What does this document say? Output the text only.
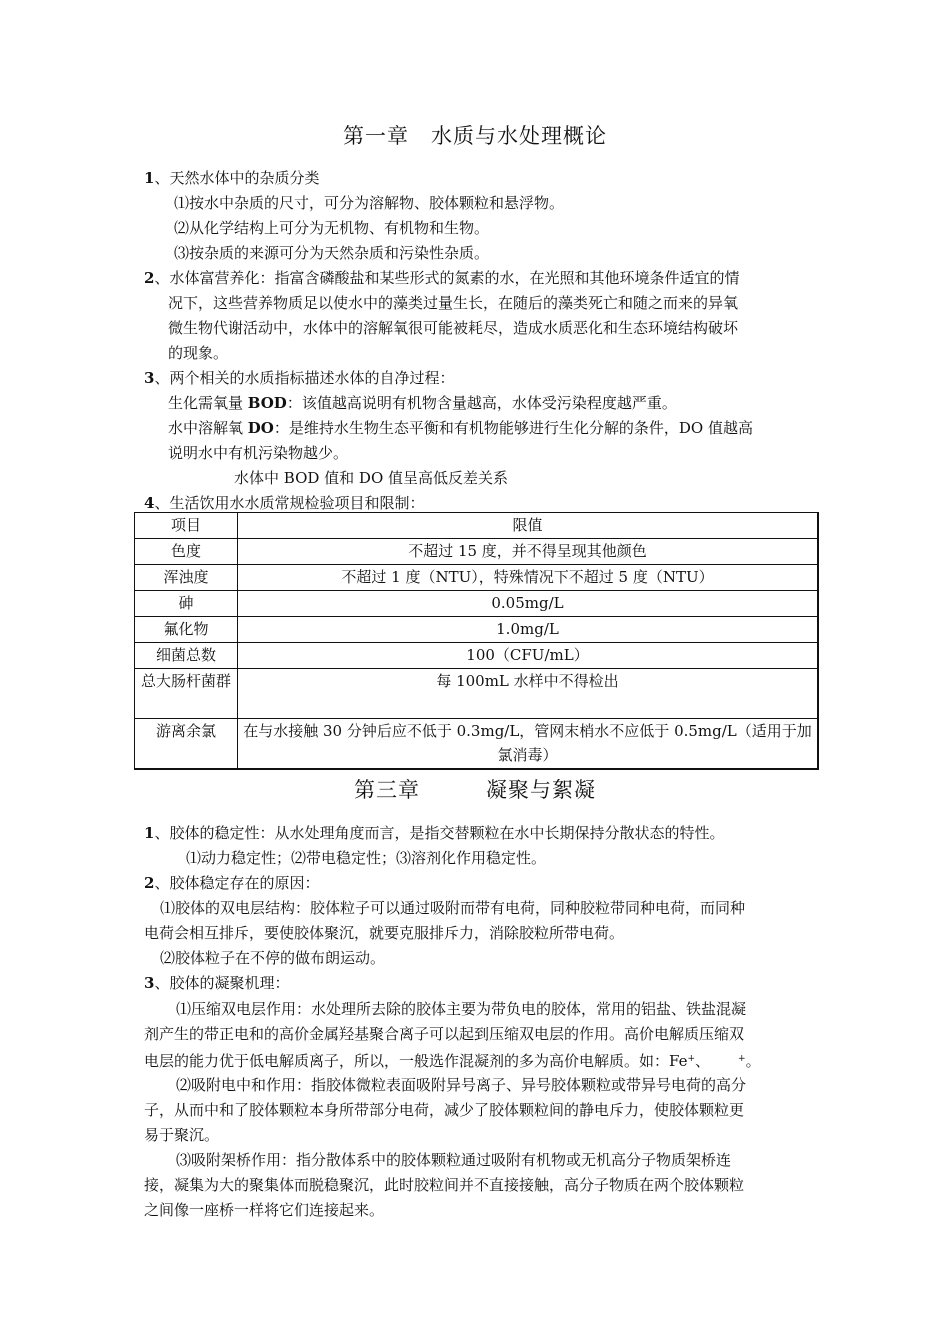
第一章　水质与水处理概论
1、天然水体中的杂质分类
⑴按水中杂质的尺寸，可分为溶解物、胶体颗粒和悬浮物。
⑵从化学结构上可分为无机物、有机物和生物。
⑶按杂质的来源可分为天然杂质和污染性杂质。
2、水体富营养化：指富含磷酸盐和某些形式的氮素的水，在光照和其他环境条件适宜的情
况下，这些营养物质足以使水中的藻类过量生长，在随后的藻类死亡和随之而来的异氧
微生物代谢活动中，水体中的溶解氧很可能被耗尽，造成水质恶化和生态环境结构破坏
的现象。
3、两个相关的水质指标描述水体的自净过程：
生化需氧量 BOD：该值越高说明有机物含量越高，水体受污染程度越严重。
水中溶解氧 DO：是维持水生物生态平衡和有机物能够进行生化分解的条件，DO 值越高
说明水中有机污染物越少。
水体中 BOD 值和 DO 值呈高低反差关系
4、生活饮用水水质常规检验项目和限制：
项目	限值
色度	不超过 15 度，并不得呈现其他颜色
浑浊度	不超过 1 度（NTU），特殊情况下不超过 5 度（NTU）
砷	0.05mg/L
氟化物	1.0mg/L
细菌总数	100（CFU/mL）
总大肠杆菌群	每 100mL 水样中不得检出
游离余氯	在与水接触 30 分钟后应不低于 0.3mg/L，管网末梢水不应低于 0.5mg/L（适用于加氯消毒）
第三章　　　凝聚与絮凝
1、胶体的稳定性：从水处理角度而言，是指交替颗粒在水中长期保持分散状态的特性。
⑴动力稳定性；⑵带电稳定性；⑶溶剂化作用稳定性。
2、胶体稳定存在的原因：
⑴胶体的双电层结构：胶体粒子可以通过吸附而带有电荷，同种胶粒带同种电荷，而同种
电荷会相互排斥，要使胶体聚沉，就要克服排斥力，消除胶粒所带电荷。
⑵胶体粒子在不停的做布朗运动。
3、胶体的凝聚机理：
⑴压缩双电层作用：水处理所去除的胶体主要为带负电的胶体，常用的铝盐、铁盐混凝
剂产生的带正电和的高价金属羟基聚合离子可以起到压缩双电层的作用。高价电解质压缩双
电层的能力优于低电解质离子，所以，一般选作混凝剂的多为高价电解质。如：Fe+、	+。
⑵吸附电中和作用：指胶体微粒表面吸附异号离子、异号胶体颗粒或带异号电荷的高分
子，从而中和了胶体颗粒本身所带部分电荷，减少了胶体颗粒间的静电斥力，使胶体颗粒更
易于聚沉。
⑶吸附架桥作用：指分散体系中的胶体颗粒通过吸附有机物或无机高分子物质架桥连
接，凝集为大的聚集体而脱稳聚沉，此时胶粒间并不直接接触，高分子物质在两个胶体颗粒
之间像一座桥一样将它们连接起来。
